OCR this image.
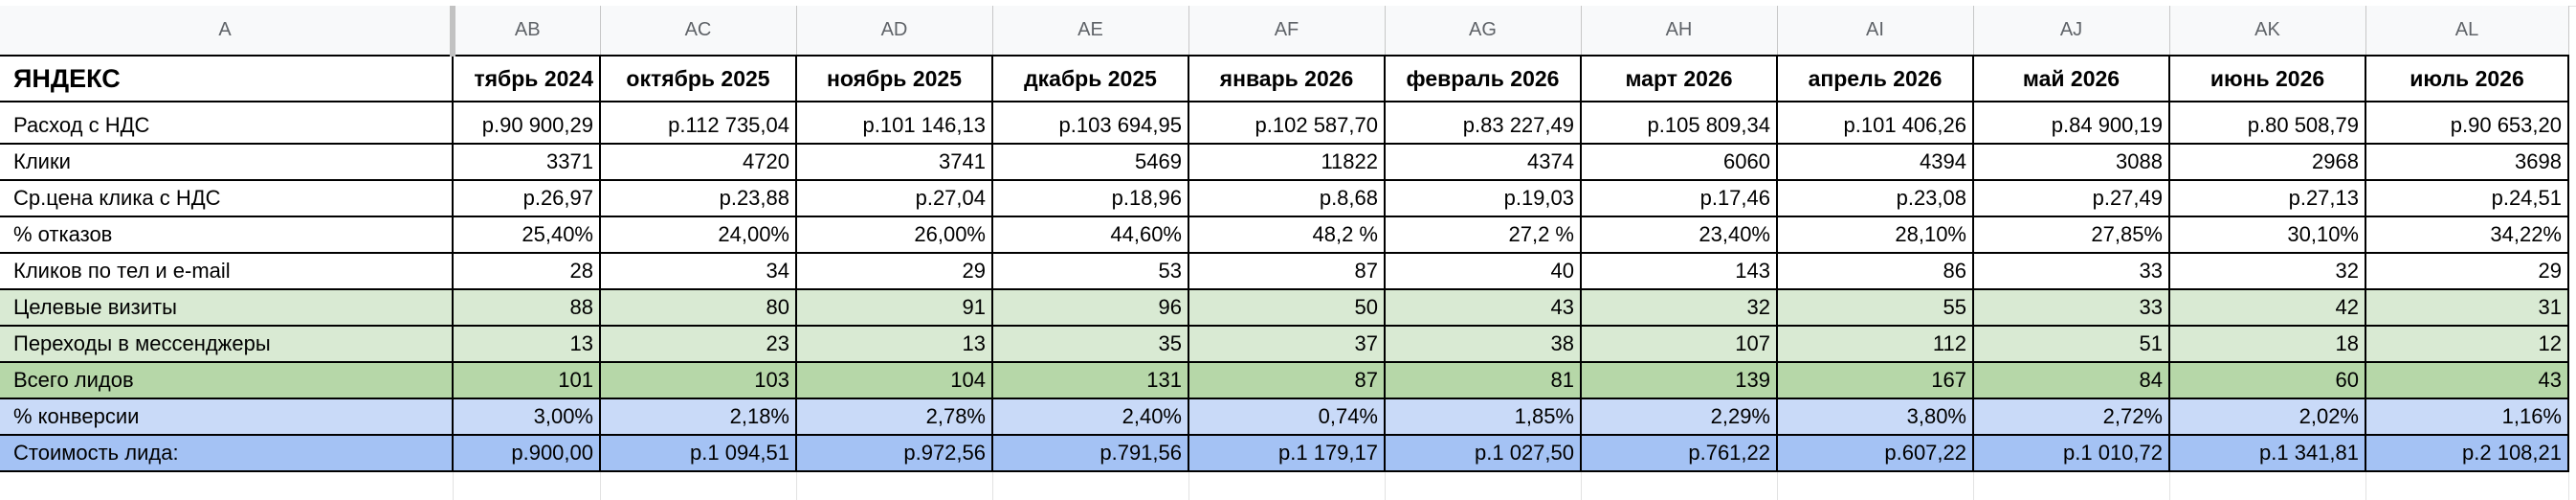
A	AB	AC	AD	AE	AF	AG	AH	AI	AJ	AK	AL
ЯНДЕКС	тябрь 2024	октябрь 2025	ноябрь 2025	дкабрь 2025	январь 2026	февраль 2026	март 2026	апрель 2026	май 2026	июнь 2026	июль 2026

Расход с НДС	р.90 900,29	р.112 735,04	р.101 146,13	р.103 694,95	р.102 587,70	р.83 227,49	р.105 809,34	р.101 406,26	р.84 900,19	р.80 508,79	р.90 653,20
Клики	3371	4720	3741	5469	11822	4374	6060	4394	3088	2968	3698
Ср.цена клика с НДС	р.26,97	р.23,88	р.27,04	р.18,96	р.8,68	р.19,03	р.17,46	р.23,08	р.27,49	р.27,13	р.24,51
% отказов	25,40%	24,00%	26,00%	44,60%	48,2 %	27,2 %	23,40%	28,10%	27,85%	30,10%	34,22%
Кликов по тел и e-mail	28	34	29	53	87	40	143	86	33	32	29
Целевые визиты	88	80	91	96	50	43	32	55	33	42	31
Переходы в мессенджеры	13	23	13	35	37	38	107	112	51	18	12
Всего лидов	101	103	104	131	87	81	139	167	84	60	43
% конверсии	3,00%	2,18%	2,78%	2,40%	0,74%	1,85%	2,29%	3,80%	2,72%	2,02%	1,16%
Стоимость лида:	р.900,00	р.1 094,51	р.972,56	р.791,56	р.1 179,17	р.1 027,50	р.761,22	р.607,22	р.1 010,72	р.1 341,81	р.2 108,21
